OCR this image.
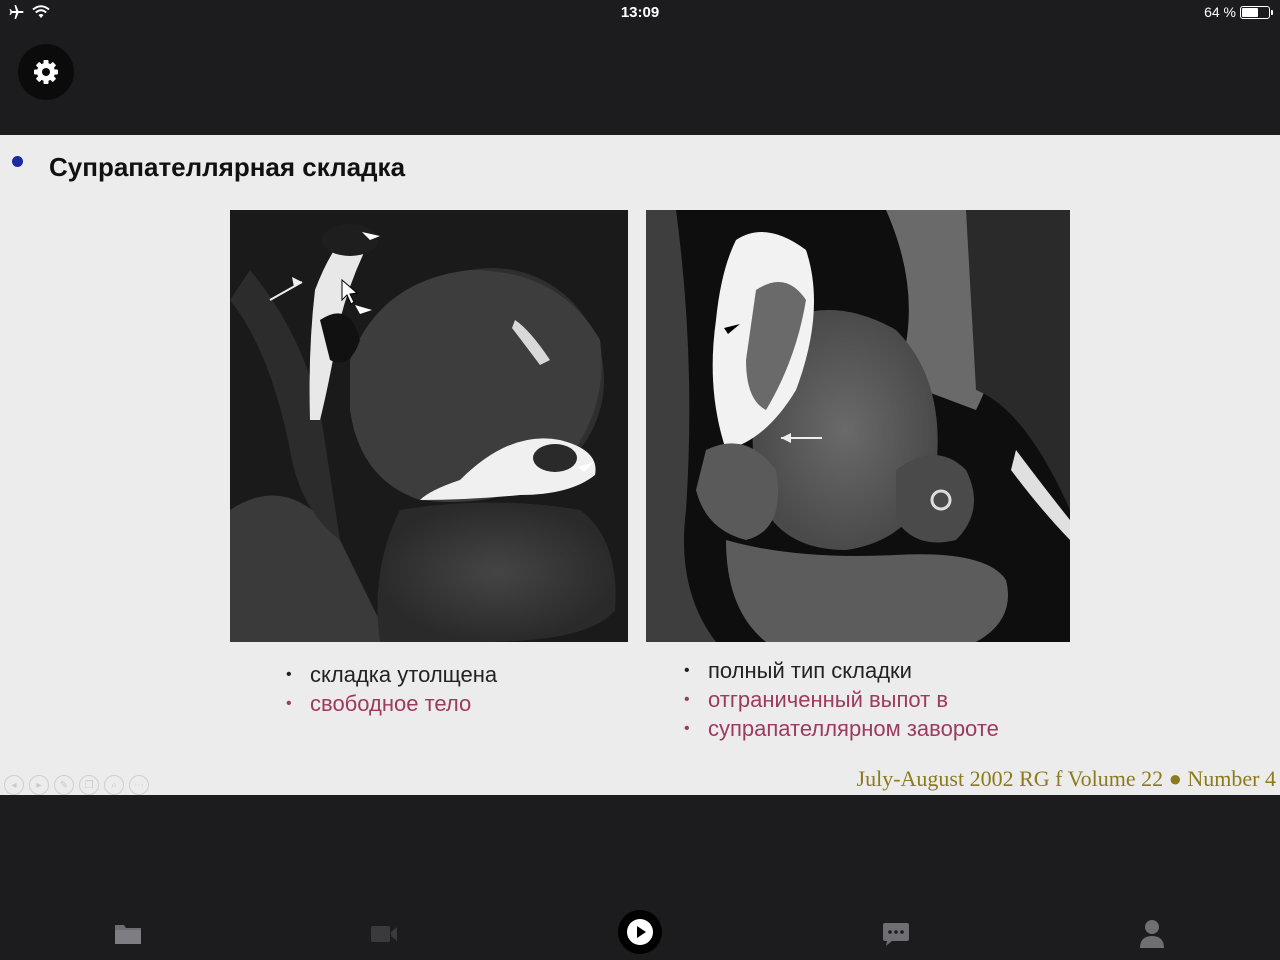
13:09	64 %
Супрапателлярная складка
• складка утолщена
• свободное тело
• полный тип складки
• отграниченный выпот в
• супрапателлярном завороте
July-August 2002 RG f Volume 22 ● Number 4
◂	▸	✎	❐	⌕	⋯
